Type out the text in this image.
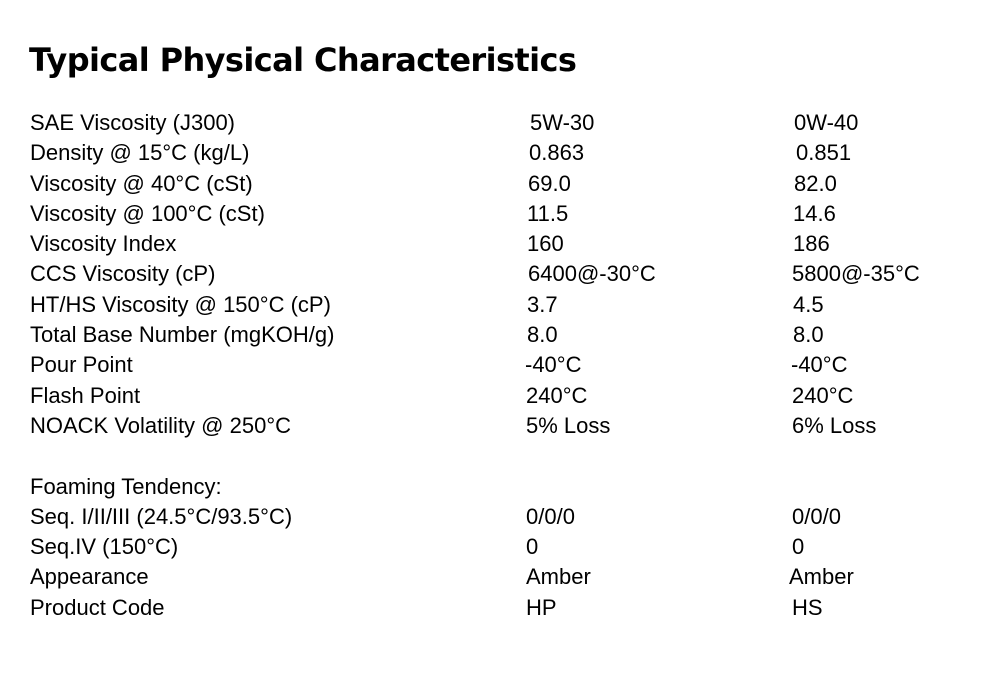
Typical Physical Characteristics
SAE Viscosity (J300)	5W-30	0W-40
Density @ 15°C (kg/L)	0.863	0.851
Viscosity @ 40°C (cSt)	69.0	82.0
Viscosity @ 100°C (cSt)	11.5	14.6
Viscosity Index	160	186
CCS Viscosity (cP)	6400@-30°C	5800@-35°C
HT/HS Viscosity @ 150°C (cP)	3.7	4.5
Total Base Number (mgKOH/g)	8.0	8.0
Pour Point	-40°C	-40°C
Flash Point	240°C	240°C
NOACK Volatility @ 250°C	5% Loss	6% Loss
Foaming Tendency:
Seq. I/II/III (24.5°C/93.5°C)	0/0/0	0/0/0
Seq.IV (150°C)	0	0
Appearance	Amber	Amber
Product Code	HP	HS
